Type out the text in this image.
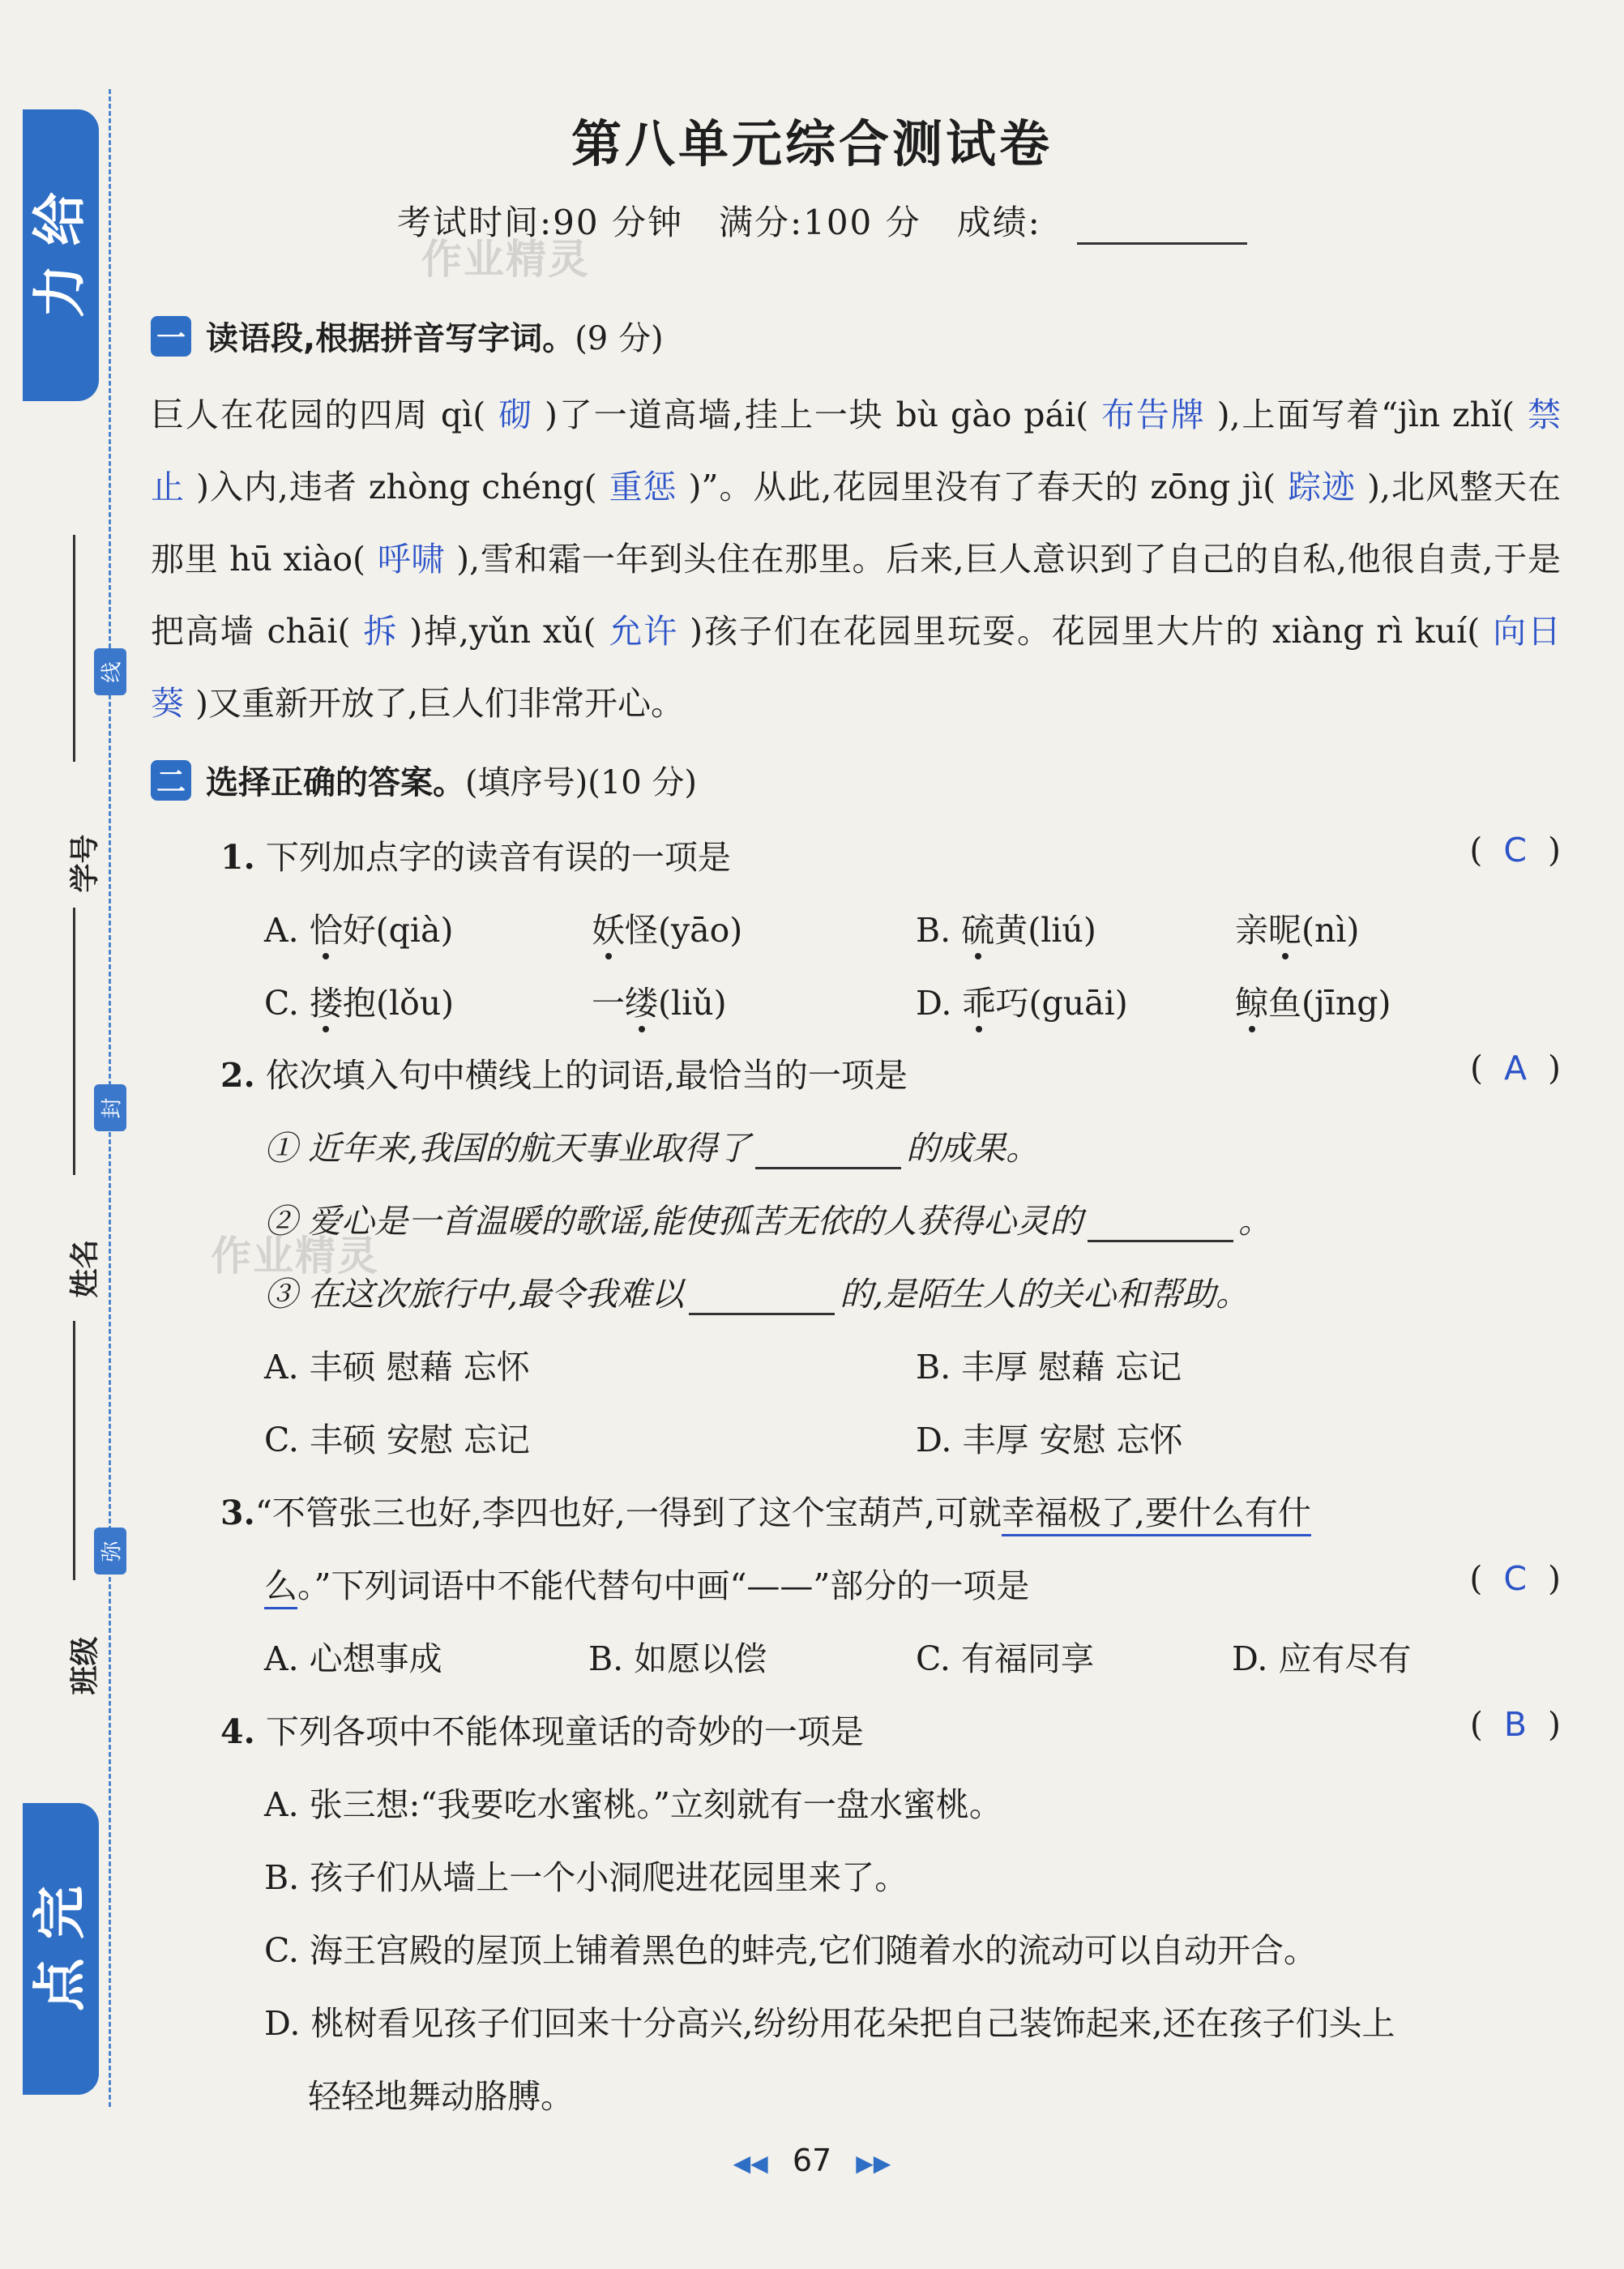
给
力
完
点
线
封
弥
学号
姓名
班级
第八单元综合测试卷
考试时间:90 分钟 满分:100 分 成绩:
作业精灵
作业精灵
一 读语段,根据拼音写字词。 (9 分)
巨人在花园的四周 qì( 砌 )了一道高墙,挂上一块 bù gào pái( 布告牌 ),上面写着“jìn zhǐ( 禁止 )入内,违者 zhòng chéng( 重惩 )”。从此,花园里没有了春天的 zōng jì( 踪迹 ),北风整天在那里 hū xiào( 呼啸 ),雪和霜一年到头住在那里。后来,巨人意识到了自己的自私,他很自责,于是把高墙 chāi( 拆 )掉,yǔn xǔ( 允许 )孩子们在花园里玩耍。花园里大片的 xiàng rì kuí( 向日葵 )又重新开放了,巨人们非常开心。
二 选择正确的答案。 (填序号)(10 分)
1. 下列加点字的读音有误的一项是	( C )
A. 恰好(qià)	妖怪(yāo)	B. 硫黄(liú)	亲昵(nì)
C. 搂抱(lǒu)	一缕(liǔ)	D. 乖巧(guāi)	鲸鱼(jīng)
2. 依次填入句中横线上的词语,最恰当的一项是	( A )
① 近年来,我国的航天事业取得了	的成果。
② 爱心是一首温暖的歌谣,能使孤苦无依的人获得心灵的	。
③ 在这次旅行中,最令我难以	的,是陌生人的关心和帮助。
A. 丰硕 慰藉 忘怀	B. 丰厚 慰藉 忘记
C. 丰硕 安慰 忘记	D. 丰厚 安慰 忘怀
3.“不管张三也好,李四也好,一得到了这个宝葫芦,可就幸福极了,要什么有什
么。”下列词语中不能代替句中画“——”部分的一项是	( C )
A. 心想事成	B. 如愿以偿	C. 有福同享	D. 应有尽有
4. 下列各项中不能体现童话的奇妙的一项是	( B )
A. 张三想:“我要吃水蜜桃。”立刻就有一盘水蜜桃。
B. 孩子们从墙上一个小洞爬进花园里来了。
C. 海王宫殿的屋顶上铺着黑色的蚌壳,它们随着水的流动可以自动开合。
D. 桃树看见孩子们回来十分高兴,纷纷用花朵把自己装饰起来,还在孩子们头上
轻轻地舞动胳膊。
◀◀ 67 ▶▶
